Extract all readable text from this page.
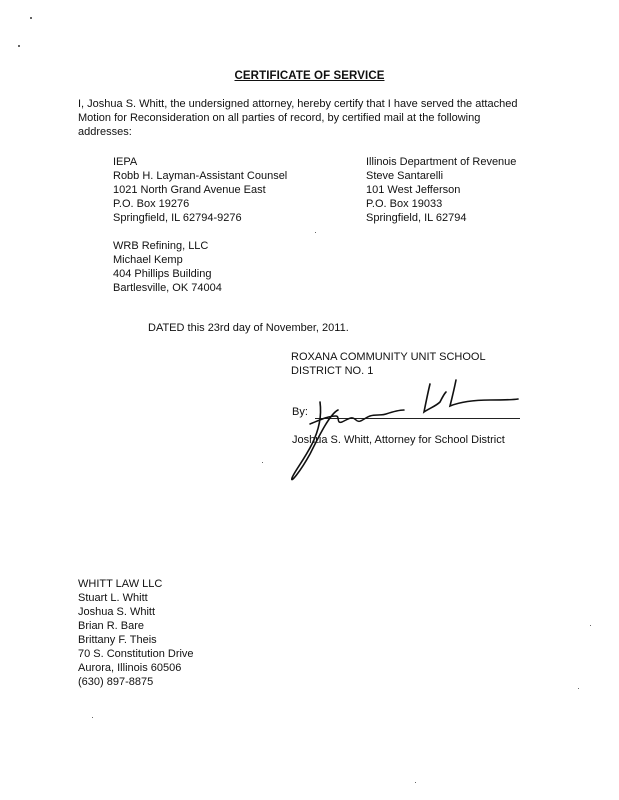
CERTIFICATE OF SERVICE
I, Joshua S. Whitt, the undersigned attorney, hereby certify that I have served the attached Motion for Reconsideration on all parties of record, by certified mail at the following addresses:
IEPA
Robb H. Layman-Assistant Counsel
1021 North Grand Avenue East
P.O. Box 19276
Springfield, IL 62794-9276
Illinois Department of Revenue
Steve Santarelli
101 West Jefferson
P.O. Box 19033
Springfield, IL 62794
WRB Refining, LLC
Michael Kemp
404 Phillips Building
Bartlesville, OK 74004
DATED this 23rd day of November, 2011.
ROXANA COMMUNITY UNIT SCHOOL
DISTRICT NO. 1
By:
Joshua S. Whitt, Attorney for School District
WHITT LAW LLC
Stuart L. Whitt
Joshua S. Whitt
Brian R. Bare
Brittany F. Theis
70 S. Constitution Drive
Aurora, Illinois 60506
(630) 897-8875
